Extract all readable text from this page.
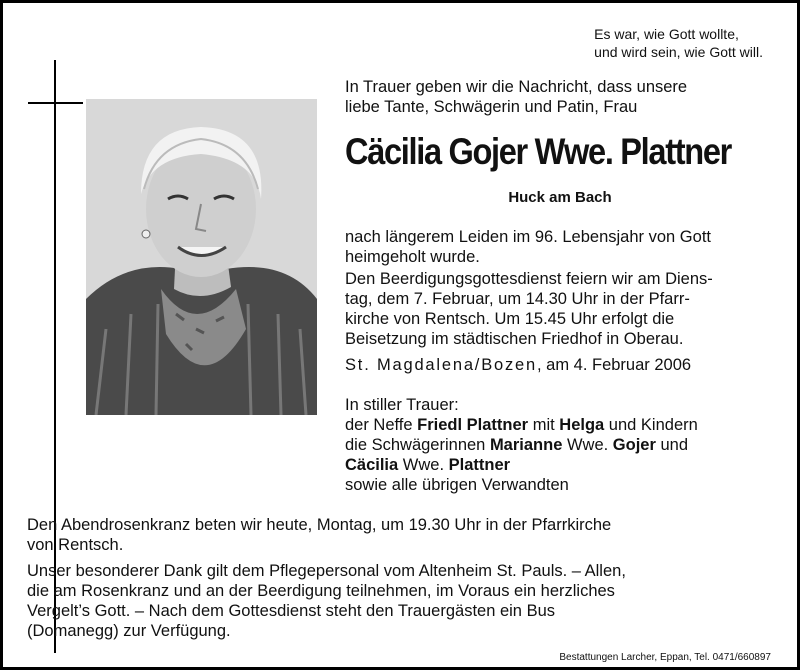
Es war, wie Gott wollte,
und wird sein, wie Gott will.
In Trauer geben wir die Nachricht, dass unsere
liebe Tante, Schwägerin und Patin, Frau
Cäcilia Gojer Wwe. Plattner
Huck am Bach
nach längerem Leiden im 96. Lebensjahr von Gott
heimgeholt wurde.
Den Beerdigungsgottesdienst feiern wir am Diens-
tag, dem 7. Februar, um 14.30 Uhr in der Pfarr-
kirche von Rentsch. Um 15.45 Uhr erfolgt die
Beisetzung im städtischen Friedhof in Oberau.
St. Magdalena/Bozen, am 4. Februar 2006
In stiller Trauer:
der Neffe Friedl Plattner mit Helga und Kindern
die Schwägerinnen Marianne Wwe. Gojer und
Cäcilia Wwe. Plattner
sowie alle übrigen Verwandten
Den Abendrosenkranz beten wir heute, Montag, um 19.30 Uhr in der Pfarrkirche
von Rentsch.
Unser besonderer Dank gilt dem Pflegepersonal vom Altenheim St. Pauls. – Allen,
die am Rosenkranz und an der Beerdigung teilnehmen, im Voraus ein herzliches
Vergelt’s Gott. – Nach dem Gottesdienst steht den Trauergästen ein Bus
(Domanegg) zur Verfügung.
Bestattungen Larcher, Eppan, Tel. 0471/660897
